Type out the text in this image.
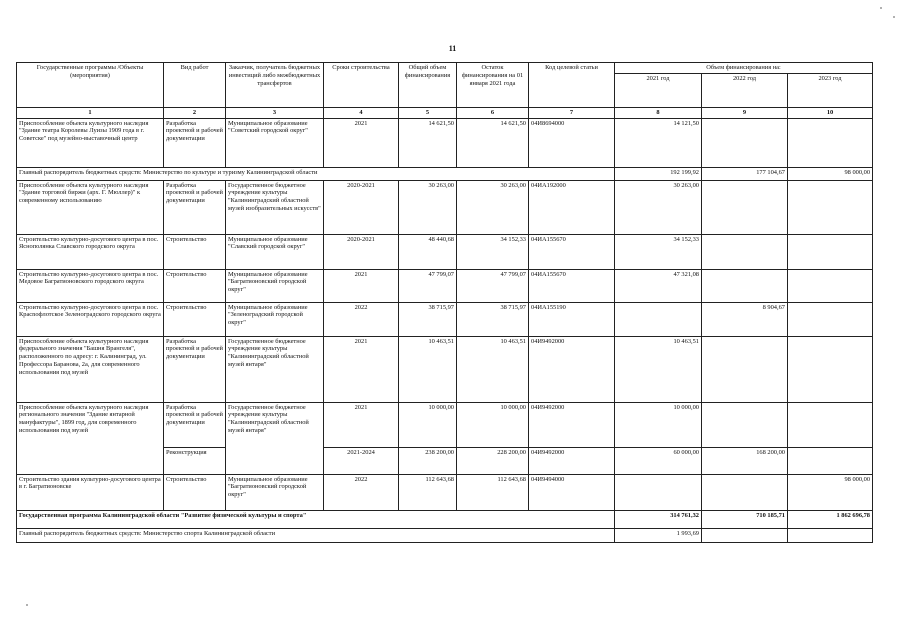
11
Государственные программы /Объекты (мероприятия)	Вид работ	Заказчик, получатель бюджетных инвестиций либо межбюджетных трансфертов	Сроки строительства	Общий объем финансирования	Остаток финансирования на 01 января 2021 года	Код целевой статьи	Объем финансирования на:		
							2021 год	2022 год	2023 год
1	2	3	4	5	6	7	8	9	10
Приспособление объекта культурного наследия "Здание театра Королевы Луизы 1909 года в г. Советске" под музейно-выставочный центр	Разработка проектной и рабочей документации	Муниципальное образование "Советский городской округ"	2021	14 621,50	14 621,50	04И8694000	14 121,50		
Главный распорядитель бюджетных средств: Министерство по культуре и туризму Калининградской области							192 199,92	177 104,67	98 000,00
Приспособление объекта культурного наследия "Здание торговой биржи (арх. Г. Мюллер)" к современному использованию	Разработка проектной и рабочей документации	Государственное бюджетное учреждение культуры "Калининградский областной музей изобразительных искусств"	2020-2021	30 263,00	30 263,00	04ИА192000	30 263,00		
Строительство культурно-досугового центра в пос. Яснополянка Славского городского округа	Строительство	Муниципальное образование "Славский городской округ"	2020-2021	48 440,68	34 152,33	04ИА155670	34 152,33		
Строительство культурно-досугового центра в пос. Медовое Багратионовского городского округа	Строительство	Муниципальное образование "Багратионовский городской округ"	2021	47 799,07	47 799,07	04ИА155670	47 321,08		
Строительство культурно-досугового центра в пос. Красnoфлотское Зеленоградского городского округа	Строительство	Муниципальное образование "Зеленоградский городской округ"	2022	38 715,97	38 715,97	04ИА155190		8 904,67	
Приспособление объекта культурного наследия федерального значения "Башня Врангеля", расположенного по адресу: г. Калининград, ул. Профессора Баранова, 2а, для современного использования под музей	Разработка проектной и рабочей документации	Государственное бюджетное учреждение культуры "Калининградский областной музей янтаря"	2021	10 463,51	10 463,51	04И9492000	10 463,51		
Приспособление объекта культурного наследия регионального значения "Здание янтарной мануфактуры", 1899 год, для современного использования под музей	Разработка проектной и рабочей документации	Государственное бюджетное учреждение культуры "Калининградский областной музей янтаря"	2021	10 000,00	10 000,00	04И9492000	10 000,00		
	Реконструкция		2021-2024	238 200,00	228 200,00	04И9492000	60 000,00	168 200,00	
Строительство здания культурно-досугового центра в г. Багратионовске	Строительство	Муниципальное образование "Багратионовский городской округ"	2022	112 643,68	112 643,68	04И9494000			98 000,00
Государственная программа Калининградской области "Развитие физической культуры и спорта"							314 761,32	710 185,71	1 862 696,78
Главный распорядитель бюджетных средств: Министерство спорта Калининградской области							1 993,69		
